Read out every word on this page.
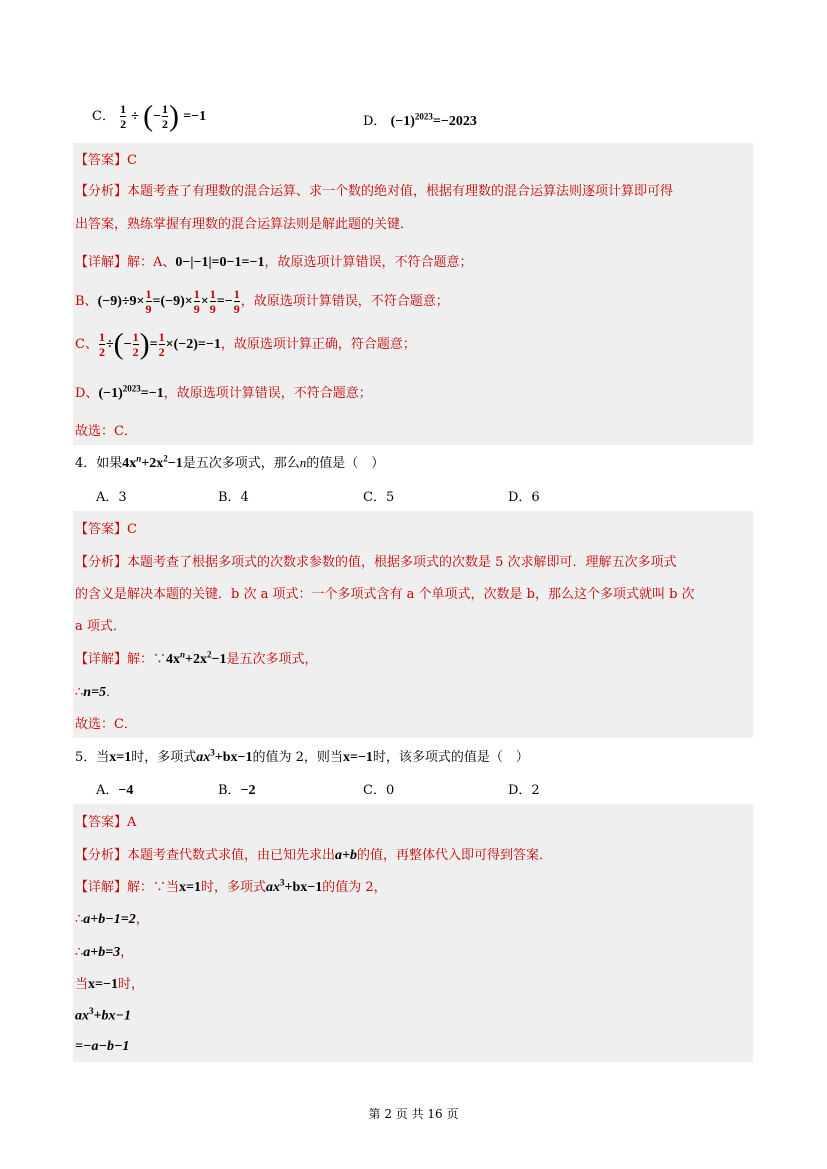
C． $\frac{1}{2}$ ÷ (− $\frac{1}{2}$ ) =−1	D． $(-1)^{2023}=-2023$
【答案】C
【分析】本题考查了有理数的混合运算、求一个数的绝对值，根据有理数的混合运算法则逐项计算即可得
出答案，熟练掌握有理数的混合运算法则是解此题的关键．
【详解】解：A、0−|−1|=0−1=−1，故原选项计算错误，不符合题意；
B、$(-9)\div 9\times \frac{1}{9} =(-9)\times \frac{1}{9} \times \frac{1}{9} =- \frac{1}{9}$ ，故原选项计算错误，不符合题意；
C、 $\frac{1}{2}$ ÷(− $\frac{1}{2}$ )= $\frac{1}{2} \times(-2)=-1$，故原选项计算正确，符合题意；
D、$(-1)^{2023}=-1$，故原选项计算错误，不符合题意；
故选：C．
4．如果$4x^n+2x^2-1$是五次多项式，那么n的值是（　）
A．3	B．4	C．5	D．6
【答案】C
【分析】本题考查了根据多项式的次数求参数的值，根据多项式的次数是 5 次求解即可．理解五次多项式
的含义是解决本题的关键．b 次 a 项式：一个多项式含有 a 个单项式，次数是 b，那么这个多项式就叫 b 次
a 项式．
【详解】解：$\because 4x^n+2x^2-1$是五次多项式，
∴n=5．
故选：C．
5．当x=1时，多项式$ax^3+bx-1$的值为 2，则当x=−1时，该多项式的值是（　）
A．−4	B．−2	C．0	D．2
【答案】A
【分析】本题考查代数式求值，由已知先求出a+b的值，再整体代入即可得到答案．
【详解】解：∵当x=1时，多项式$ax^3+bx-1$的值为 2，
∴a+b−1=2，
∴a+b=3，
当x=−1时，
$ax^3+bx-1$
=−a−b−1
第 2 页 共 16 页
